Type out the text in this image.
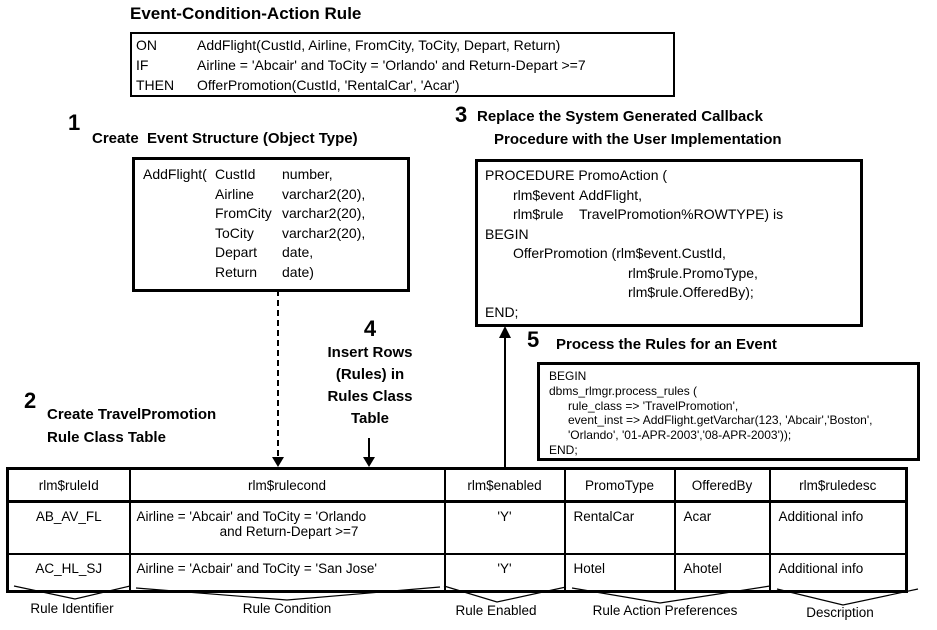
Event-Condition-Action Rule
ON	AddFlight(CustId, Airline, FromCity, ToCity, Depart, Return)
IF	Airline = 'Abcair' and ToCity = 'Orlando' and Return-Depart >=7
THEN	OfferPromotion(CustId, 'RentalCar', 'Acar')
1
Create  Event Structure (Object Type)
AddFlight( CustId number,
Airline varchar2(20),
FromCity varchar2(20),
ToCity varchar2(20),
Depart date,
Return date)
3 Replace the System Generated Callback
Procedure with the User Implementation
PROCEDURE PromoAction (
rlm$event AddFlight,
rlm$rule TravelPromotion%ROWTYPE) is
BEGIN
OfferPromotion (rlm$event.CustId,
rlm$rule.PromoType,
rlm$rule.OfferedBy);
END;
4
Insert Rows
(Rules) in
Rules Class
Table
5 Process the Rules for an Event
BEGIN
dbms_rlmgr.process_rules (
rule_class => 'TravelPromotion',
event_inst => AddFlight.getVarchar(123, 'Abcair','Boston',
'Orlando', '01-APR-2003','08-APR-2003'));
END;
2
Create TravelPromotion
Rule Class Table
rlm$ruleId	rlm$rulecond	rlm$enabled	PromoType	OfferedBy	rlm$ruledesc
AB_AV_FL	Airline = 'Abcair' and ToCity = 'Orlando
and Return-Depart >=7	'Y'	RentalCar	Acar	Additional info
AC_HL_SJ	Airline = 'Acbair' and ToCity = 'San Jose'	'Y'	Hotel	Ahotel	Additional info
Rule Identifier	Rule Condition	Rule Enabled	Rule Action Preferences	Description
